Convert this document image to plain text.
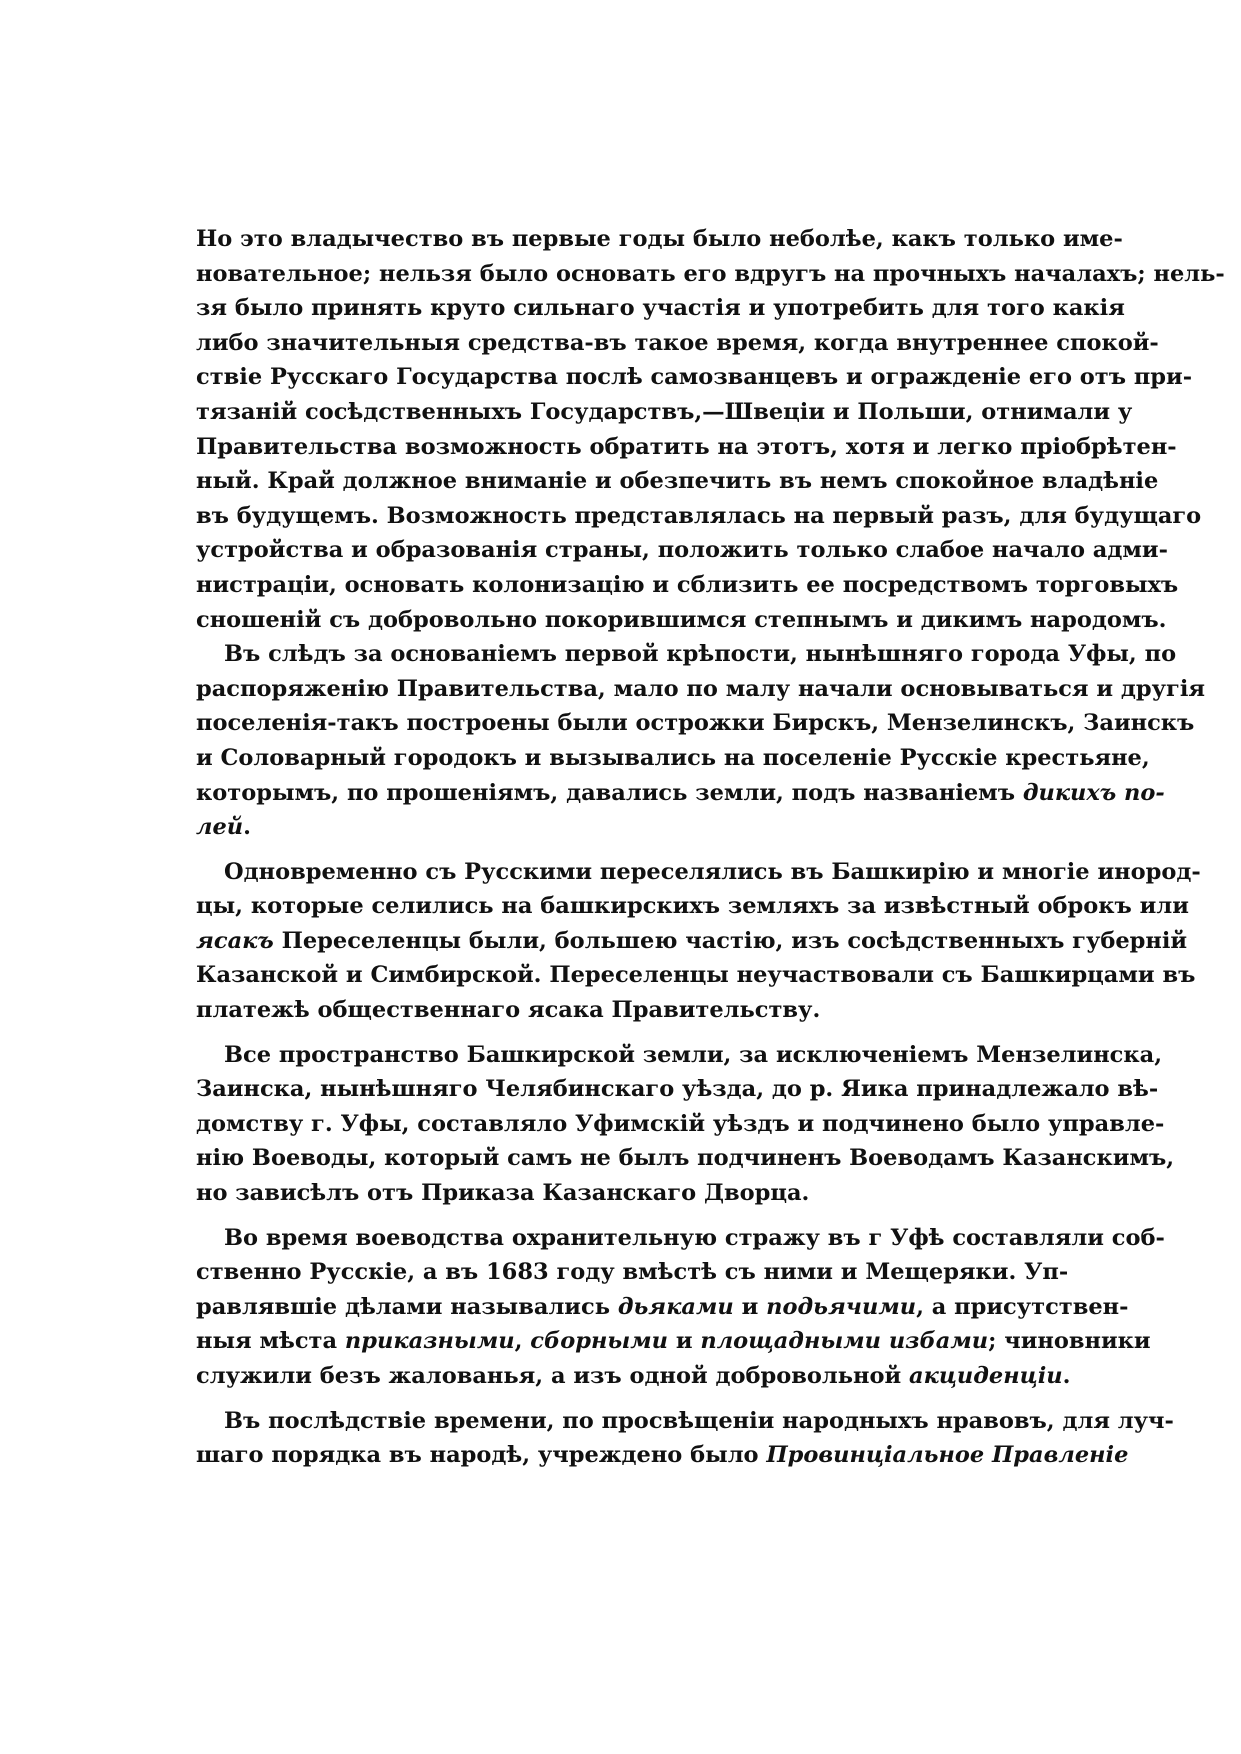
Но это владычество въ первые годы было неболѣе, какъ только име-
новательное; нельзя было основать его вдругъ на прочныхъ началахъ; нель-
зя было принять круто сильнаго участія и употребить для того какія
либо значительныя средства-въ такое время, когда внутреннее спокой-
ствіе Русскаго Государства послѣ самозванцевъ и огражденіе его отъ при-
тязаній сосѣдственныхъ Государствъ,—Швеціи и Польши, отнимали у
Правительства возможность обратить на этотъ, хотя и легко пріобрѣтен-
ный. Край должное вниманіе и обезпечить въ немъ спокойное владѣніе
въ будущемъ. Возможность представлялась на первый разъ, для будущаго
устройства и образованія страны, положить только слабое начало адми-
нистраціи, основать колонизацію и сблизить ее посредствомъ торговыхъ
сношеній съ добровольно покорившимся степнымъ и дикимъ народомъ.
Въ слѣдъ за основаніемъ первой крѣпости, нынѣшняго города Уфы, по
распоряженію Правительства, мало по малу начали основываться и другія
поселенія-такъ построены были острожки Бирскъ, Мензелинскъ, Заинскъ
и Соловарный городокъ и вызывались на поселеніе Русскіе крестьяне,
которымъ, по прошеніямъ, давались земли, подъ названіемъ дикихъ по-
лей.
Одновременно съ Русскими переселялись въ Башкирію и многіе инород-
цы, которые селились на башкирскихъ земляхъ за извѣстный оброкъ или
ясакъ Переселенцы были, большею частію, изъ сосѣдственныхъ губерній
Казанской и Симбирской. Переселенцы неучаствовали съ Башкирцами въ
платежѣ общественнаго ясака Правительству.
Все пространство Башкирской земли, за исключеніемъ Мензелинска,
Заинска, нынѣшняго Челябинскаго уѣзда, до р. Яика принадлежало вѣ-
домству г. Уфы, составляло Уфимскій уѣздъ и подчинено было управле-
нію Воеводы, который самъ не былъ подчиненъ Воеводамъ Казанскимъ,
но зависѣлъ отъ Приказа Казанскаго Дворца.
Во время воеводства охранительную стражу въ г Уфѣ составляли соб-
ственно Русскіе, а въ 1683 году вмѣстѣ съ ними и Мещеряки. Уп-
равлявшіе дѣлами назывались дьяками и подьячими, а присутствен-
ныя мѣста приказными, сборными и площадными избами; чиновники
служили безъ жалованья, а изъ одной добровольной акциденціи.
Въ послѣдствіе времени, по просвѣщеніи народныхъ нравовъ, для луч-
шаго порядка въ народѣ, учреждено было Провинціальное Правленіе
